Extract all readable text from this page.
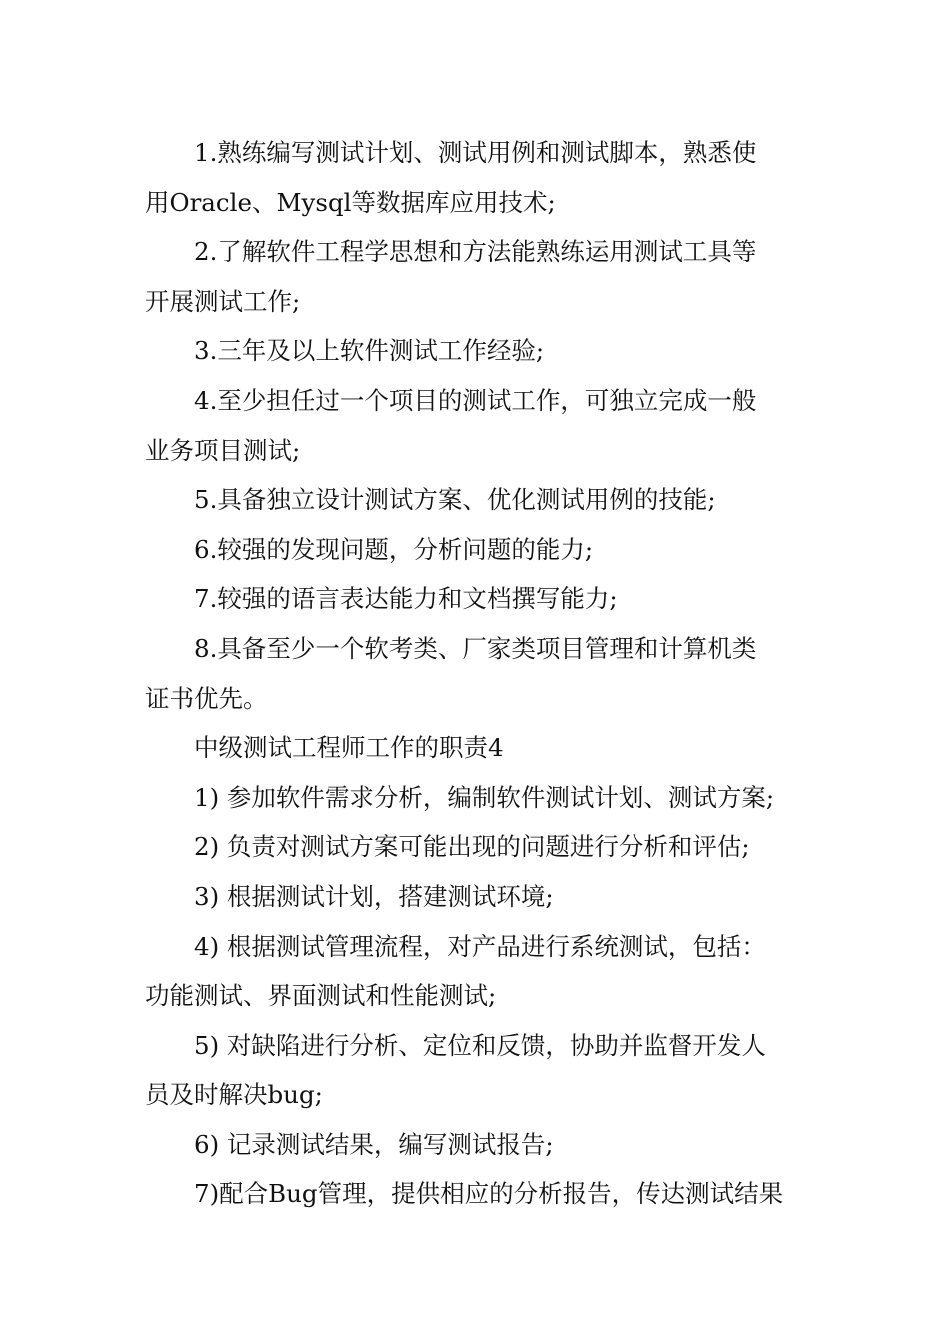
1.熟练编写测试计划、测试用例和测试脚本，熟悉使
用Oracle、Mysql等数据库应用技术;

2.了解软件工程学思想和方法能熟练运用测试工具等
开展测试工作;

3.三年及以上软件测试工作经验;

4.至少担任过一个项目的测试工作，可独立完成一般
业务项目测试;

5.具备独立设计测试方案、优化测试用例的技能;

6.较强的发现问题，分析问题的能力;

7.较强的语言表达能力和文档撰写能力;

8.具备至少一个软考类、厂家类项目管理和计算机类
证书优先。

中级测试工程师工作的职责4

1) 参加软件需求分析，编制软件测试计划、测试方案;

2) 负责对测试方案可能出现的问题进行分析和评估;

3) 根据测试计划，搭建测试环境;

4) 根据测试管理流程，对产品进行系统测试，包括：
功能测试、界面测试和性能测试;

5) 对缺陷进行分析、定位和反馈，协助并监督开发人
员及时解决bug;

6) 记录测试结果，编写测试报告;

7)配合Bug管理，提供相应的分析报告，传达测试结果
